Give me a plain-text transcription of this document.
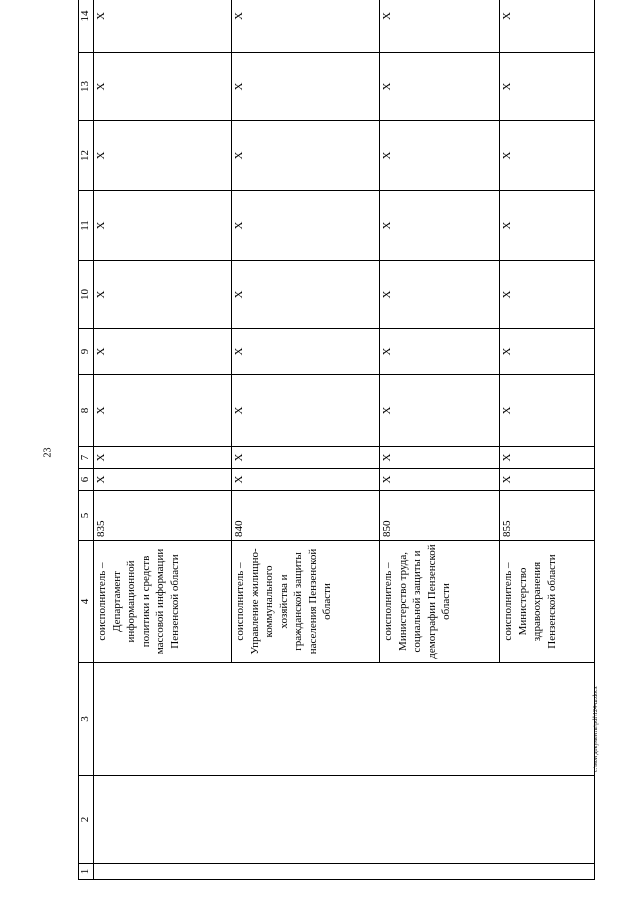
23
1	2	3	4	5	6	7	8	9	10	11	12	13	14
			соисполнитель – Департамент информационной политики и средств массовой информации Пензенской области	835	Х	Х	Х	Х	Х	Х	Х	Х	Х
			соисполнитель – Управление жилищно-коммунального хозяйства и гражданской защиты населения Пензенской области	840	Х	Х	Х	Х	Х	Х	Х	Х	Х
			соисполнитель – Министерство труда, социальной защиты и демографии Пензенской области	850	Х	Х	Х	Х	Х	Х	Х	Х	Х
			соисполнитель – Министерство здравоохранения Пензенской области	855	Х	Х	Х	Х	Х	Х	Х	Х	Х
c:\мои документы\pdf\124-ш.docx
